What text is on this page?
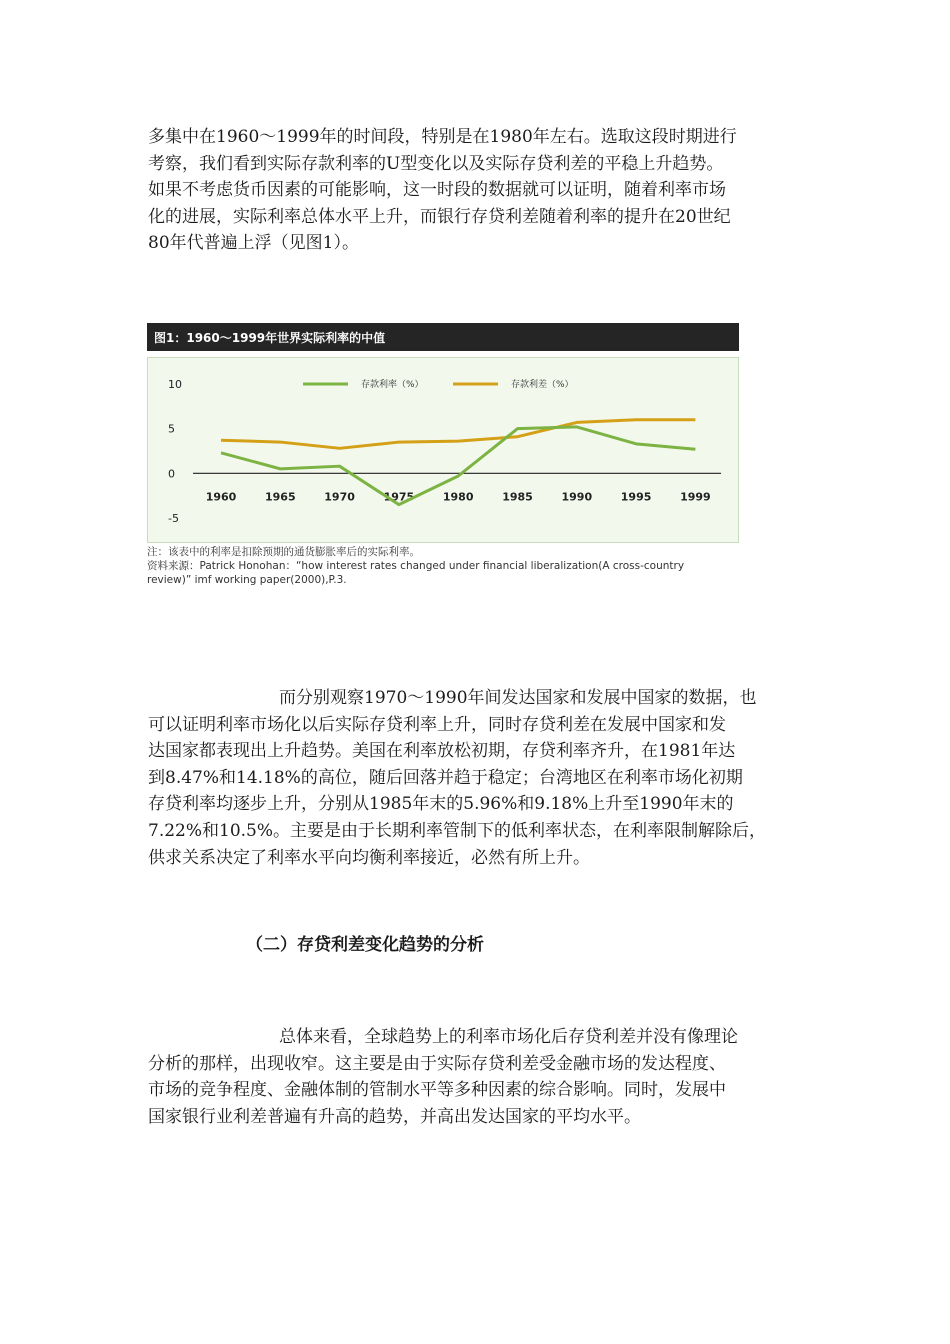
多集中在1960～1999年的时间段，特别是在1980年左右。选取这段时期进行
考察，我们看到实际存款利率的U型变化以及实际存贷利差的平稳上升趋势。
如果不考虑货币因素的可能影响，这一时段的数据就可以证明，随着利率市场
化的进展，实际利率总体水平上升，而银行存贷利差随着利率的提升在20世纪
80年代普遍上浮（见图1）。
图1：1960～1999年世界实际利率的中值
存款利率（%）	存款利差（%）
10
5
0
-5
1960	1965	1970	1975	1980	1985	1990	1995	1999
注：该表中的利率是扣除预期的通货膨胀率后的实际利率。
资料来源：Patrick Honohan：“how interest rates changed under financial liberalization(A cross-country
review)” imf working paper(2000),P.3.
而分别观察1970～1990年间发达国家和发展中国家的数据，也
可以证明利率市场化以后实际存贷利率上升，同时存贷利差在发展中国家和发
达国家都表现出上升趋势。美国在利率放松初期，存贷利率齐升，在1981年达
到8.47%和14.18%的高位，随后回落并趋于稳定；台湾地区在利率市场化初期
存贷利率均逐步上升，分别从1985年末的5.96%和9.18%上升至1990年末的
7.22%和10.5%。主要是由于长期利率管制下的低利率状态，在利率限制解除后，
供求关系决定了利率水平向均衡利率接近，必然有所上升。
（二）存贷利差变化趋势的分析
总体来看，全球趋势上的利率市场化后存贷利差并没有像理论
分析的那样，出现收窄。这主要是由于实际存贷利差受金融市场的发达程度、
市场的竞争程度、金融体制的管制水平等多种因素的综合影响。同时，发展中
国家银行业利差普遍有升高的趋势，并高出发达国家的平均水平。
